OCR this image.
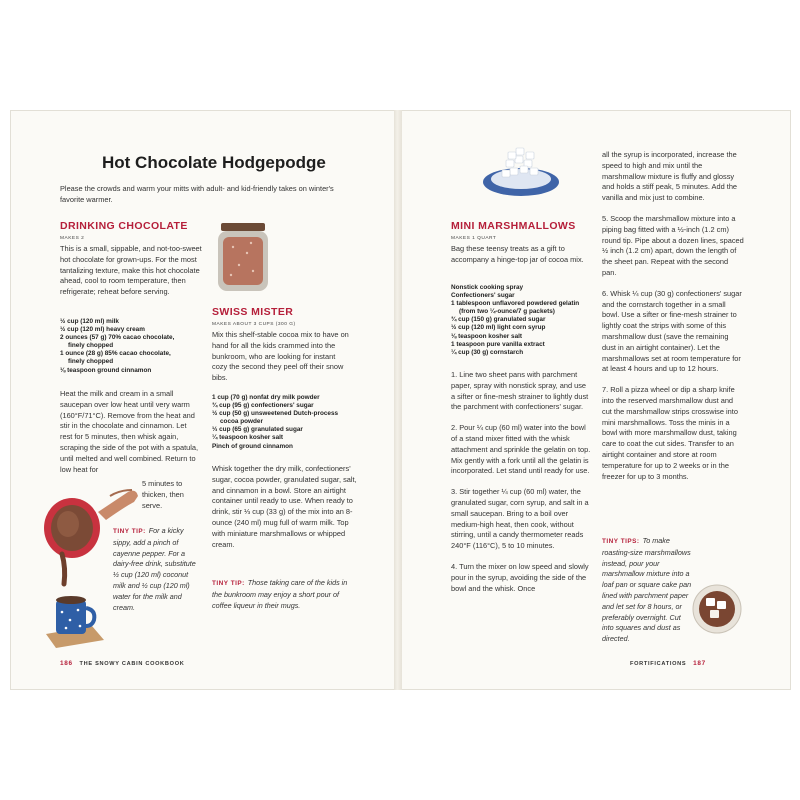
Hot Chocolate Hodgepodge
Please the crowds and warm your mitts with adult- and kid-friendly takes on winter's favorite warmer.
DRINKING CHOCOLATE
MAKES 2
This is a small, sippable, and not-too-sweet hot chocolate for grown-ups. For the most tantalizing texture, make this hot chocolate ahead, cool to room temperature, then refrigerate; reheat before serving.
½ cup (120 ml) milk
½ cup (120 ml) heavy cream
2 ounces (57 g) 70% cacao chocolate,
finely chopped
1 ounce (28 g) 85% cacao chocolate,
finely chopped
⅛ teaspoon ground cinnamon
Heat the milk and cream in a small saucepan over low heat until very warm (160°F/71°C). Remove from the heat and stir in the chocolate and cinnamon. Let rest for 5 minutes, then whisk again, scraping the side of the pot with a spatula, until melted and well combined. Return to low heat for
5 minutes to thicken, then serve.
TINY TIP: For a kicky sippy, add a pinch of cayenne pepper. For a dairy-free drink, substitute ½ cup (120 ml) coconut milk and ½ cup (120 ml) water for the milk and cream.
SWISS MISTER
MAKES ABOUT 3 CUPS (300 G)
Mix this shelf-stable cocoa mix to have on hand for all the kids crammed into the bunkroom, who are looking for instant cozy the second they peel off their snow bibs.
1 cup (70 g) nonfat dry milk powder
¾ cup (95 g) confectioners' sugar
½ cup (50 g) unsweetened Dutch-process
cocoa powder
⅓ cup (65 g) granulated sugar
¼ teaspoon kosher salt
Pinch of ground cinnamon
Whisk together the dry milk, confectioners' sugar, cocoa powder, granulated sugar, salt, and cinnamon in a bowl. Store an airtight container until ready to use. When ready to drink, stir ⅓ cup (33 g) of the mix into an 8-ounce (240 ml) mug full of warm milk. Top with miniature marshmallows or whipped cream.
TINY TIP: Those taking care of the kids in the bunkroom may enjoy a short pour of coffee liqueur in their mugs.
186 THE SNOWY CABIN COOKBOOK
MINI MARSHMALLOWS
MAKES 1 QUART
Bag these teensy treats as a gift to accompany a hinge-top jar of cocoa mix.
Nonstick cooking spray
Confectioners' sugar
1 tablespoon unflavored powdered gelatin
(from two ¼-ounce/7 g packets)
¾ cup (150 g) granulated sugar
½ cup (120 ml) light corn syrup
⅛ teaspoon kosher salt
1 teaspoon pure vanilla extract
¼ cup (30 g) cornstarch

1. Line two sheet pans with parchment paper, spray with nonstick spray, and use a sifter or fine-mesh strainer to lightly dust the parchment with confectioners' sugar.

2. Pour ¼ cup (60 ml) water into the bowl of a stand mixer fitted with the whisk attachment and sprinkle the gelatin on top. Mix gently with a fork until all the gelatin is incorporated. Let stand until ready for use.

3. Stir together ¼ cup (60 ml) water, the granulated sugar, corn syrup, and salt in a small saucepan. Bring to a boil over medium-high heat, then cook, without stirring, until a candy thermometer reads 240°F (116°C), 5 to 10 minutes.

4. Turn the mixer on low speed and slowly pour in the syrup, avoiding the side of the bowl and the whisk. Once

all the syrup is incorporated, increase the speed to high and mix until the marshmallow mixture is fluffy and glossy and holds a stiff peak, 5 minutes. Add the vanilla and mix just to combine.

5. Scoop the marshmallow mixture into a piping bag fitted with a ½-inch (1.2 cm) round tip. Pipe about a dozen lines, spaced ½ inch (1.2 cm) apart, down the length of the sheet pan. Repeat with the second pan.

6. Whisk ¼ cup (30 g) confectioners' sugar and the cornstarch together in a small bowl. Use a sifter or fine-mesh strainer to lightly coat the strips with some of this marshmallow dust (save the remaining dust in an airtight container). Let the marshmallows set at room temperature for at least 4 hours and up to 12 hours.

7. Roll a pizza wheel or dip a sharp knife into the reserved marshmallow dust and cut the marshmallow strips crosswise into mini marshmallows. Toss the minis in a bowl with more marshmallow dust, taking care to coat the cut sides. Transfer to an airtight container and store at room temperature for up to 2 weeks or in the freezer for up to 3 months.

TINY TIPS: To make roasting-size marshmallows instead, pour your marshmallow mixture into a loaf pan or square cake pan lined with parchment paper and let set for 8 hours, or preferably overnight. Cut into squares and dust as directed.
FORTIFICATIONS 187
